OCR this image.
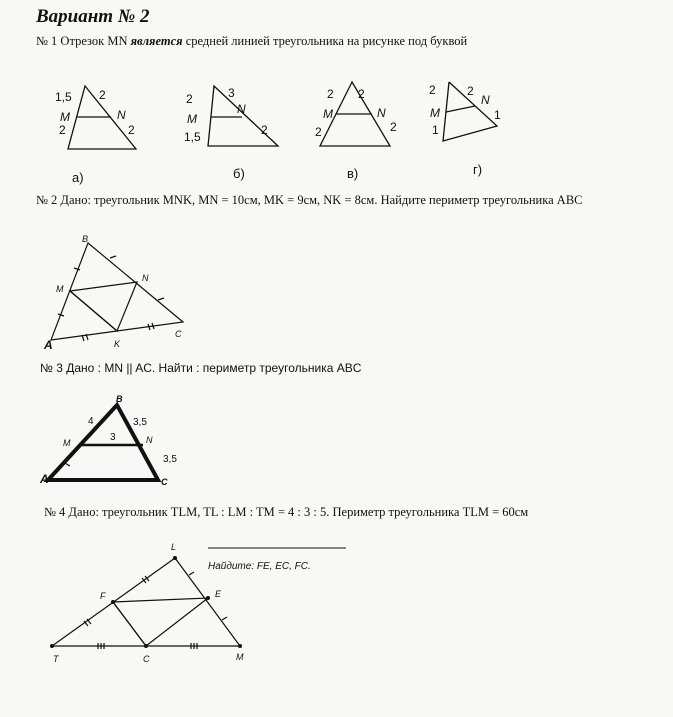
Вариант № 2
№ 1 Отрезок MN является средней линией треугольника на рисунке под буквой
№ 2 Дано: треугольник MNK, MN = 10см, MK = 9см, NK = 8см. Найдите периметр треугольника ABC
№ 3 Дано : MN || AC. Найти : периметр треугольника ABC
№ 4 Дано: треугольник TLM, TL : LM : TM = 4 : 3 : 5. Периметр треугольника TLM = 60см
1,5 2
M	N
2	2
а)
2	3
M
N
1,5	2
б)
2 2
M	N
2	2
в)
2	2
M
N
1
1
г)
B
N
M
A	K
C
B
A	C
M	N
4	3,5
3
3,5
Найдите: FE, EC, FC.
L
F	E
T	C	M
